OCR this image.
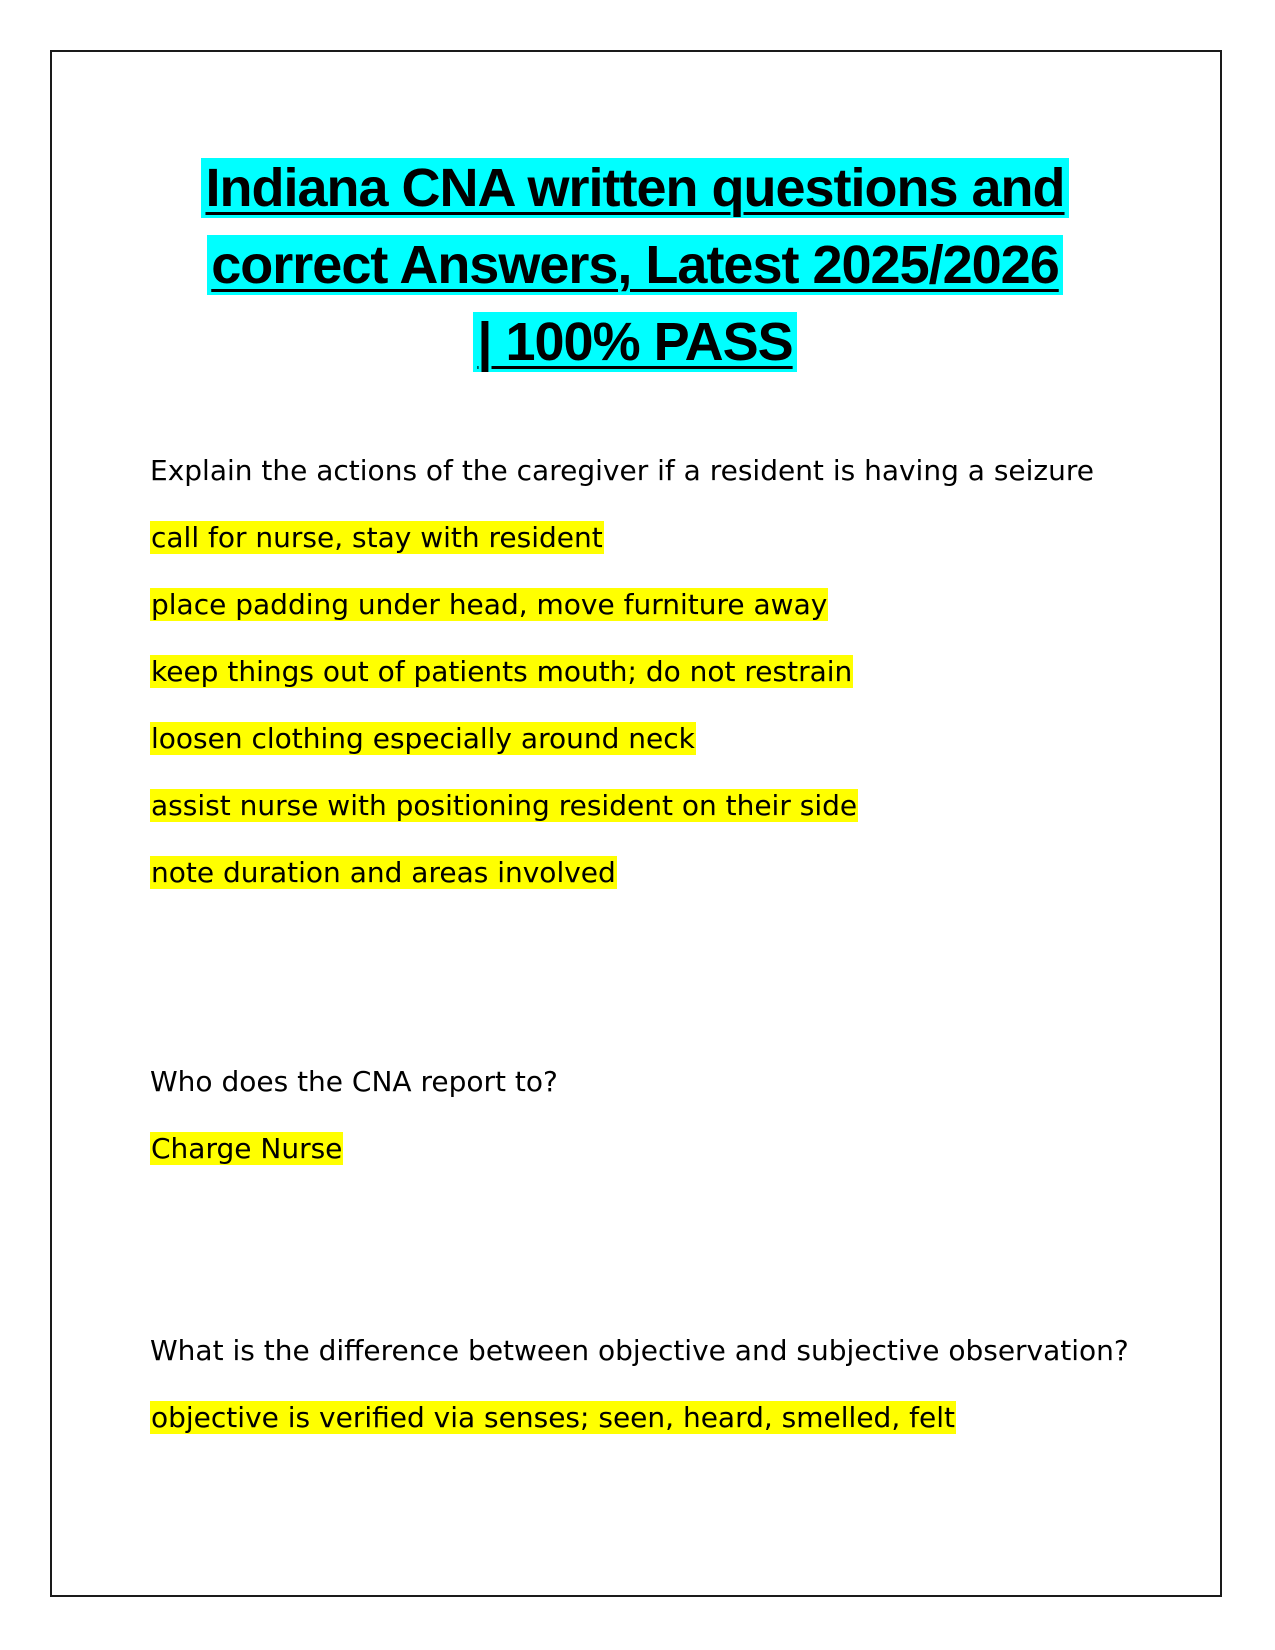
Indiana CNA written questions and
correct Answers, Latest 2025/2026
| 100% PASS
Explain the actions of the caregiver if a resident is having a seizure
call for nurse, stay with resident
place padding under head, move furniture away
keep things out of patients mouth; do not restrain
loosen clothing especially around neck
assist nurse with positioning resident on their side
note duration and areas involved
Who does the CNA report to?
Charge Nurse
What is the difference between objective and subjective observation?
objective is verified via senses; seen, heard, smelled, felt
